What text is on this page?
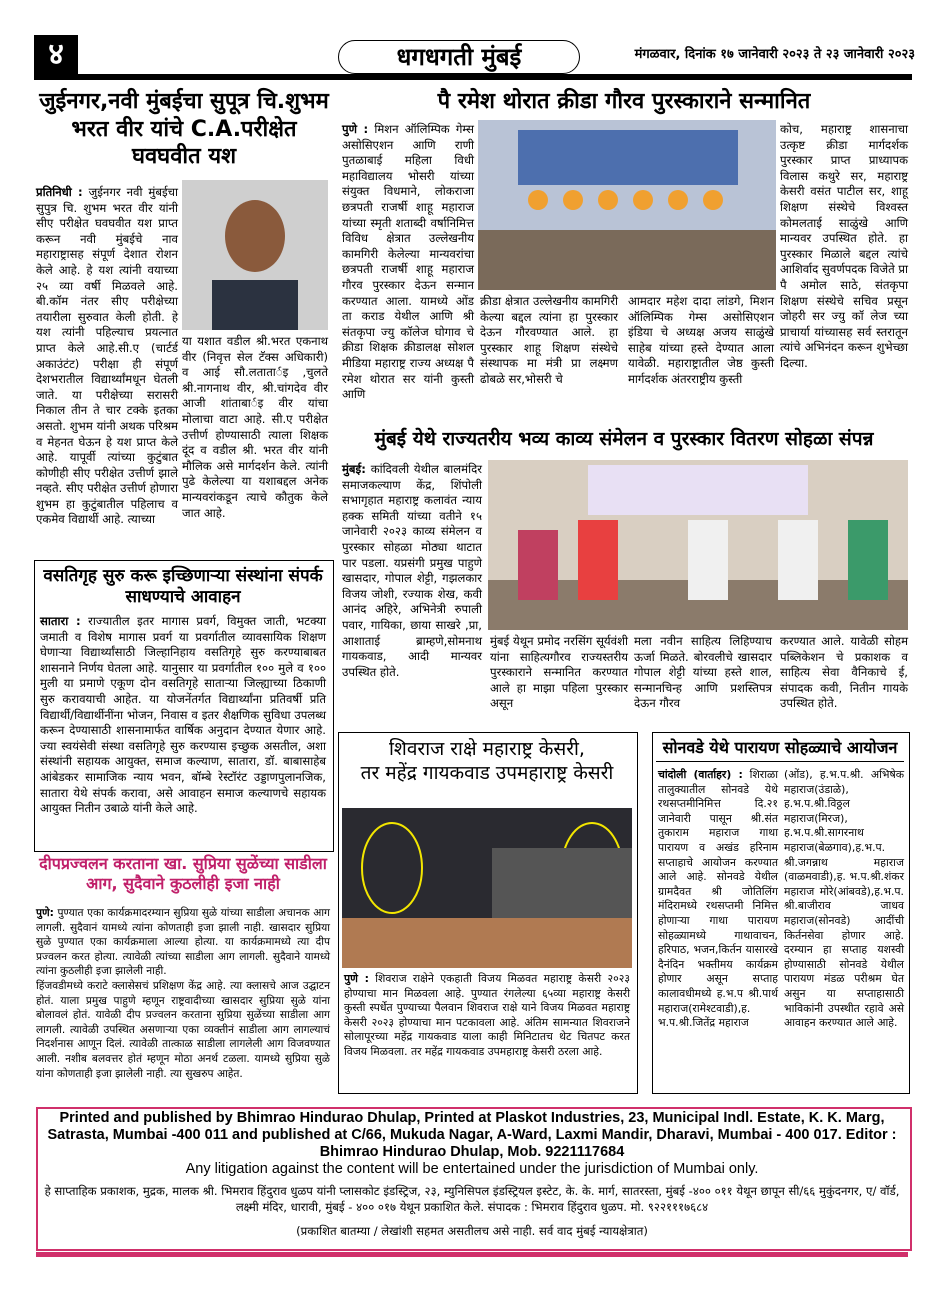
४	धगधगती मुंबई	मंगळवार, दिनांक १७ जानेवारी २०२३ ते २३ जानेवारी २०२३
जुईनगर,नवी मुंबईचा सुपूत्र चि.शुभम भरत वीर यांचे C.A.परीक्षेत घवघवीत यश
प्रतिनिधी : जुईनगर नवी मुंबईचा सुपुत्र चि. शुभम भरत वीर यांनी सीए परीक्षेत घवघवीत यश प्राप्त करून नवी मुंबईचे नाव महाराष्ट्रासह संपूर्ण देशात रोशन केले आहे. हे यश त्यांनी वयाच्या २५ व्या वर्षी मिळवले आहे. बी.कॉम नंतर सीए परीक्षेच्या तयारीला सुरुवात केली होती. हे यश त्यांनी पहिल्याच प्रयत्नात प्राप्त केले आहे.सी.ए (चार्टर्ड अकाउंटंट) परीक्षा ही संपूर्ण देशभरातील विद्यार्थ्यांमधून घेतली जाते. या परीक्षेच्या सरासरी निकाल तीन ते चार टक्के इतका असतो. शुभम यांनी अथक परिश्रम व मेहनत घेऊन हे यश प्राप्त केले आहे. यापूर्वी त्यांच्या कुटुंबात कोणीही सीए परीक्षेत उत्तीर्ण झाले नव्हते. सीए परीक्षेत उत्तीर्ण होणारा शुभम हा कुटुंबातील पहिलाच व एकमेव विद्यार्थी आहे. त्याच्या
या यशात वडील श्री.भरत एकनाथ वीर (निवृत्त सेल टॅक्स अधिकारी) व आई सौ.लतातार्इ ,चुलते श्री.नागनाथ वीर, श्री.चांगदेव वीर आजी शांताबार्इ वीर यांचा मोलाचा वाटा आहे. सी.ए परीक्षेत उत्तीर्ण होण्यासाठी त्याला शिक्षक दूंद व वडील श्री. भरत वीर यांनी मौलिक असे मार्गदर्शन केले. त्यांनी पुढे केलेल्या या यशाबद्दल अनेक मान्यवरांकडून त्याचे कौतुक केले जात आहे.
पै रमेश थोरात क्रीडा गौरव पुरस्काराने सन्मानित
पुणे : मिशन ऑलिम्पिक गेम्स असोसिएशन आणि राणी पुतळाबाई महिला विधी महाविद्यालय भोसरी यांच्या संयुक्त विधमाने, लोकराजा छत्रपती राजर्षी शाहू महाराज यांच्या स्मृती शताब्दी वर्षानिमित्त विविध क्षेत्रात उल्लेखनीय कामगिरी केलेल्या मान्यवरांचा छत्रपती राजर्षी शाहू महाराज गौरव पुरस्कार देऊन सन्मान करण्यात आला. यामध्ये ओंड ता कराड येथील आणि श्री संतकृपा ज्यु कॉलेज घोगाव चे क्रीडा शिक्षक क्रीडालक्ष सोशल मीडिया महाराष्ट्र राज्य अध्यक्ष पै रमेश थोरात सर यांनी कुस्ती आणि
क्रीडा क्षेत्रात उल्लेखनीय कामगिरी केल्या बद्दल त्यांना हा पुरस्कार देऊन गौरवण्यात आले. हा पुरस्कार शाहू शिक्षण संस्थेचे संस्थापक मा मंत्री प्रा लक्ष्मण ढोबळे सर,भोसरी चे
आमदार महेश दादा लांडगे, मिशन ऑलिम्पिक गेम्स असोसिएशन इंडिया चे अध्यक्ष अजय साळुंखे साहेब यांच्या हस्ते देण्यात आला यावेळी. महाराष्ट्रातील जेष्ठ कुस्ती मार्गदर्शक अंतरराष्ट्रीय कुस्ती
कोच, महाराष्ट्र शासनाचा उत्कृष्ट क्रीडा मार्गदर्शक पुरस्कार प्राप्त प्राध्यापक विलास कथुरे सर, महाराष्ट्र केसरी वसंत पाटील सर, शाहू शिक्षण संस्थेचे विश्वस्त कोमलताई साळुंखे आणि मान्यवर उपस्थित होते. हा पुरस्कार मिळाले बद्दल त्यांचे आशिर्वाद सुवर्णपदक विजेते प्रा पै अमोल साठे, संतकृपा शिक्षण संस्थेचे सचिव प्रसून जोहरी सर ज्यु कॉ लेज च्या प्राचार्या यांच्यासह सर्व स्तरातून त्यांचे अभिनंदन करून शुभेच्छा दिल्या.
वसतिगृह सुरु करू इच्छिणाऱ्या संस्थांना संपर्क साधण्याचे आवाहन
सातारा : राज्यातील इतर मागास प्रवर्ग, विमुक्त जाती, भटक्या जमाती व विशेष मागास प्रवर्ग या प्रवर्गातील व्यावसायिक शिक्षण घेणाऱ्या विद्यार्थ्यांसाठी जिल्हानिहाय वसतिगृहे सुरु करण्याबाबत शासनाने निर्णय घेतला आहे. यानुसार या प्रवर्गातील १०० मुले व १०० मुली या प्रमाणे एकूण दोन वसतिगृहे साताऱ्या जिल्ह्याच्या ठिकाणी सुरु करावयाची आहेत. या योजनेंतर्गत विद्यार्थ्यांना प्रतिवर्षी प्रति विद्यार्थी/विद्यार्थीनींना भोजन, निवास व इतर शैक्षणिक सुविधा उपलब्ध करून देण्यासाठी शासनामार्फत वार्षिक अनुदान देण्यात येणार आहे. ज्या स्वयंसेवी संस्था वसतिगृहे सुरु करण्यास इच्छुक असतील, अशा संस्थांनी सहायक आयुक्त, समाज कल्याण, सातारा, डॉ. बाबासाहेब आंबेडकर सामाजिक न्याय भवन, बॉम्बे रेस्टॉरंट उड्डाणपुलानजिक, सातारा येथे संपर्क करावा, असे आवाहन समाज कल्याणचे सहायक आयुक्त नितीन उबाळे यांनी केले आहे.
मुंबई येथे राज्यतरीय भव्य काव्य संमेलन व पुरस्कार वितरण सोहळा संपन्न
मुंबई: कांदिवली येथील बालमंदिर समाजकल्याण केंद्र, शिंपोली सभागृहात महाराष्ट्र कलावंत न्याय हक्क समिती यांच्या वतीने १५ जानेवारी २०२३ काव्य संमेलन व पुरस्कार सोहळा मोठ्या थाटात पार पडला. यप्रसंगी प्रमुख पाहुणे खासदार, गोपाल शेट्टी, गझलकार विजय जोशी, रज्याक शेख, कवी आनंद अहिरे, अभिनेत्री रुपाली पवार, गायिका, छाया साखरे ,प्रा, आशाताई ब्राम्हणे,सोमनाथ गायकवाड, आदी मान्यवर उपस्थित होते.
मुंबई येथून प्रमोद नरसिंग सूर्यवंशी यांना साहित्यगौरव राज्यस्तरीय पुरस्काराने सन्मानित करण्यात आले हा माझा पहिला पुरस्कार असून
मला नवीन साहित्य लिहिण्याच ऊर्जा मिळते. बोरवलीचे खासदार गोपाल शेट्टी यांच्या हस्ते शाल, सन्मानचिन्ह आणि प्रशस्तिपत्र देऊन गौरव
करण्यात आले. यावेळी सोहम पब्लिकेशन चे प्रकाशक व साहित्य सेवा वैनिकाचे ई, संपादक कवी, नितीन गायके उपस्थित होते.
दीपप्रज्वलन करताना खा. सुप्रिया सुळेंच्या साडीला आग, सुदैवाने कुठलीही इजा नाही
पुणे: पुण्यात एका कार्यक्रमादरम्यान सुप्रिया सुळे यांच्या साडीला अचानक आग लागली. सुदैवानं यामध्ये त्यांना कोणताही इजा झाली नाही. खासदार सुप्रिया सुळे पुण्यात एका कार्यक्रमाला आल्या होत्या. या कार्यक्रमामध्ये त्या दीप प्रज्वलन करत होत्या. त्यावेळी त्यांच्या साडीला आग लागली. सुदैवाने यामध्ये त्यांना कुठलीही इजा झालेली नाही.
हिंजवडीमध्ये कराटे क्लासेसचं प्रशिक्षण केंद्र आहे. त्या क्लासचे आज उद्घाटन होतं. याला प्रमुख पाहुणे म्हणून राष्ट्रवादीच्या खासदार सुप्रिया सुळे यांना बोलावलं होतं. यावेळी दीप प्रज्वलन करताना सुप्रिया सुळेंच्या साडीला आग लागली. त्यावेळी उपस्थित असणाऱ्या एका व्यक्तीनं साडीला आग लागल्याचं निदर्शनास आणून दिलं. त्यावेळी तात्काळ साडीला लागलेली आग विजवण्यात आली. नशीब बलवत्तर होतं म्हणून मोठा अनर्थ टळला. यामध्ये सुप्रिया सुळे यांना कोणताही इजा झालेली नाही. त्या सुखरुप आहेत.
शिवराज राक्षे महाराष्ट्र केसरी,
तर महेंद्र गायकवाड उपमहाराष्ट्र केसरी
पुणे : शिवराज राक्षेने एकहाती विजय मिळवत महाराष्ट्र केसरी २०२३ होण्याचा मान मिळवला आहे. पुण्यात रंगलेल्या ६५व्या महाराष्ट्र केसरी कुस्ती स्पर्धेत पुण्याच्या पैलवान शिवराज राक्षे याने विजय मिळवत महाराष्ट्र केसरी २०२३ होण्याचा मान पटकावला आहे. अंतिम सामन्यात शिवराजने सोलापूरच्या महेंद्र गायकवाड याला काही मिनिटातच थेट चितपट करत विजय मिळवला. तर महेंद्र गायकवाड उपमहाराष्ट्र केसरी ठरला आहे.
सोनवडे येथे पारायण सोहळ्याचे आयोजन
चांदोली (वार्ताहर) : शिराळा तालुक्यातील सोनवडे येथे रथसप्तमीनिमित्त दि.२१ जानेवारी पासून श्री.संत तुकाराम महाराज गाथा पारायण व अखंड हरिनाम सप्ताहाचे आयोजन करण्यात आले आहे. सोनवडे येथील ग्रामदैवत श्री जोतिलिंग मंदिरामध्ये रथसप्तमी निमित्त होणाऱ्या गाथा पारायण सोहळ्यामध्ये गाथावाचन, हरिपाठ, भजन,किर्तन यासारखे दैनंदिन भक्तीमय कार्यक्रम होणार असून सप्ताह कालावधीमध्ये ह.भ.प श्री.पार्थ महाराज(रामेश्टवाडी),ह. भ.प.श्री.जितेंद्र महाराज
(ओंड), ह.भ.प.श्री. अभिषेक महाराज(उंडाळे), ह.भ.प.श्री.विठ्ठल महाराज(मिरज), ह.भ.प.श्री.सागरनाथ महाराज(बेळगाव),ह.भ.प. श्री.जगन्नाथ महाराज (वाळमवाडी),ह. भ.प.श्री.शंकर महाराज मोरे(आंबवडे),ह.भ.प. श्री.बाजीराव जाधव महाराज(सोनवडे) आदींची किर्तनसेवा होणार आहे. दरम्यान हा सप्ताह यशस्वी होण्यासाठी सोनवडे येथील पारायण मंडळ परीश्रम घेत असुन या सप्ताहासाठी भाविकांनी उपस्थीत रहावे असे आवाहन करण्यात आले आहे.
Printed and published by Bhimrao Hindurao Dhulap, Printed at Plaskot Industries, 23, Municipal Indl. Estate, K. K. Marg, Satrasta, Mumbai -400 011 and published at C/66, Mukuda Nagar, A-Ward, Laxmi Mandir, Dharavi, Mumbai - 400 017. Editor : Bhimrao Hindurao Dhulap, Mob. 9221117684
Any litigation against the content will be entertained under the jurisdiction of Mumbai only.
हे साप्ताहिक प्रकाशक, मुद्रक, मालक श्री. भिमराव हिंदुराव धुळप यांनी प्लासकोट इंडस्ट्रिज, २३, म्युनिसिपल इंडस्ट्रियल इस्टेट, के. के. मार्ग, सातरस्ता, मुंबई -४०० ०११ येथून छापून सी/६६ मुकुंदनगर, ए/ वॉर्ड, लक्ष्मी मंदिर, धारावी, मुंबई - ४०० ०१७ येथून प्रकाशित केले. संपादक : भिमराव हिंदुराव धुळप. मो. ९२२१११७६८४
(प्रकाशित बातम्या / लेखांशी सहमत असतीलच असे नाही. सर्व वाद मुंबई न्यायक्षेत्रात)
